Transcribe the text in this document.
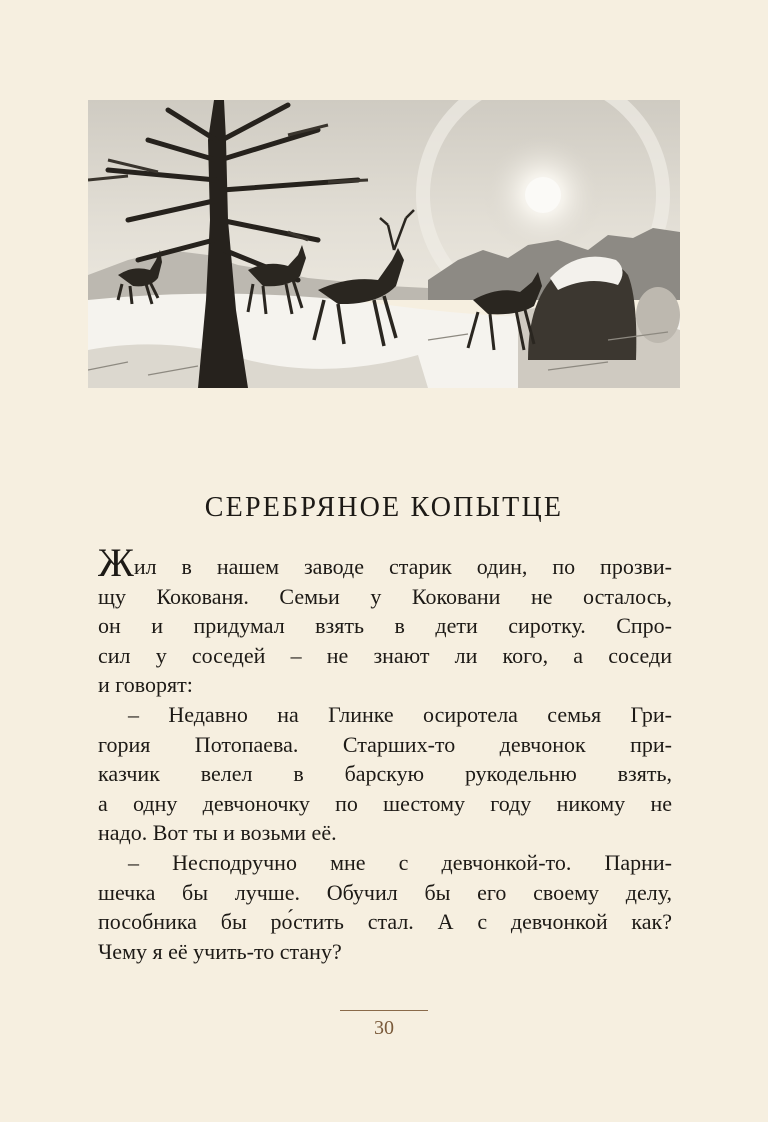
СЕРЕБРЯНОЕ КОПЫТЦЕ
Жил в нашем заводе старик один, по прозви-
щу Кокованя. Семьи у Коковани не осталось,
он и придумал взять в дети сиротку. Спро-
сил у соседей – не знают ли кого, а соседи
и говорят:
– Недавно на Глинке осиротела семья Гри-
гория Потопаева. Старших-то девчонок при-
казчик велел в барскую рукодельню взять,
а одну девчоночку по шестому году никому не
надо. Вот ты и возьми её.
– Несподручно мне с девчонкой-то. Парни-
шечка бы лучше. Обучил бы его своему делу,
пособника бы ро́стить стал. А с девчонкой как?
Чему я её учить-то стану?
30
